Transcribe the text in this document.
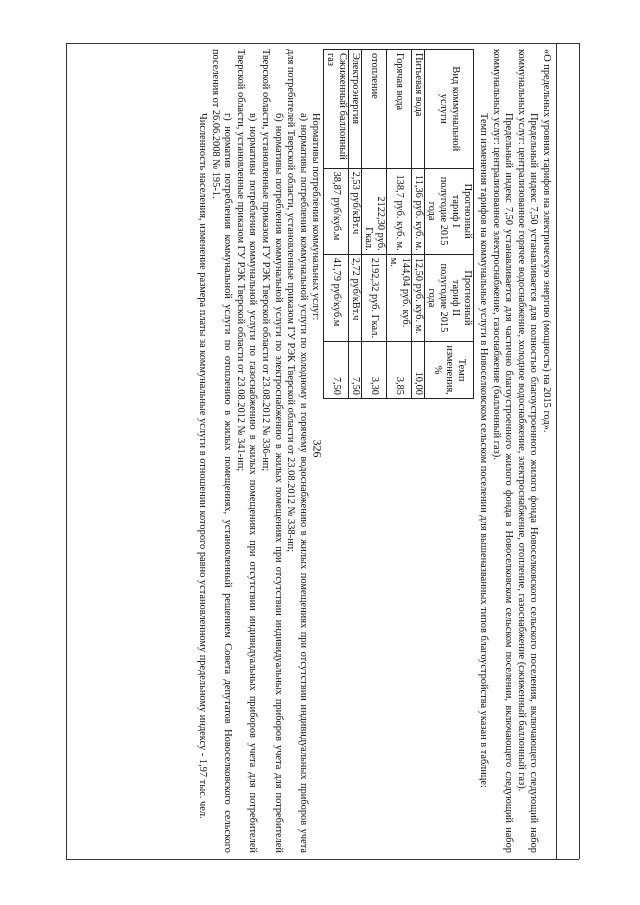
326

«О предельных уровнях тарифов на электрическую энергию (мощность) на 2015 год».

Предельный индекс 7,50 устанавливается для полностью благоустроенного жилого фонда Новоселковского сельского поселения, включающего следующий набор коммунальных услуг: централизованное горячее водоснабжение, холодное водоснабжение, электроснабжение, отопление, газоснабжение (сжиженный баллонный газ).

Предельный индекс 7,50 устанавливается для частично благоустроенного жилого фонда в Новоселковском сельском поселении, включающего следующий набор коммунальных услуг: централизованное электроснабжение, газоснабжение (баллонный газ).

Темп изменения тарифов на коммунальные услуги в Новоселковском сельском поселении для вышеназванных типов благоустройства указан в таблице:

Вид коммунальной услуги	Прогнозный тариф I полугодие 2015 года	Прогнозный тариф II полугодие 2015 года	Темп изменения, %
Питьевая вода	11,36 руб. куб. м.	12,50 руб. куб. м.	10,00
Горячая вода	138,7 руб. куб. м.	144,04 руб. куб. м.	3,85
отопление	2122,30 руб. Гкал.	2192,32 руб. Гкал.	3,30
Электроэнергия	2,53 руб/кВт.ч	2,72 руб/кВт.ч	7,50
Сжиженный баллонный газ	38,87 руб/куб.м	41,79 руб/куб.м	7,50

Нормативы потребления коммунальных услуг:

а) нормативы потребления коммунальной услуги по холодному и горячему водоснабжению в жилых помещениях при отсутствии индивидуальных приборов учета для потребителей Тверской области, установленные приказом ГУ РЭК Тверской области от 23.08.2012 № 338-нп;

б) нормативы потребления коммунальной услуги по электроснабжению в жилых помещениях при отсутствии индивидуальных приборов учета для потребителей Тверской области, установленные приказом ГУ РЭК Тверской области от 23.08.2012 № 336-нп;

в) нормативы потребления коммунальной услуги по газоснабжению в жилых помещениях при отсутствии индивидуальных приборов учета для потребителей Тверской области, установленные приказом ГУ РЭК Тверской области от 23.08.2012 № 341-нп;

г) норматив потребления коммунальной услуги по отоплению в жилых помещениях, установленный решением Совета депутатов Новоселковского сельского поселения от 26.06.2008 № 195-1.

Численность населения, изменение размера платы за коммунальные услуги в отношении которого равно установленному предельному индексу - 1,97 тыс. чел.
